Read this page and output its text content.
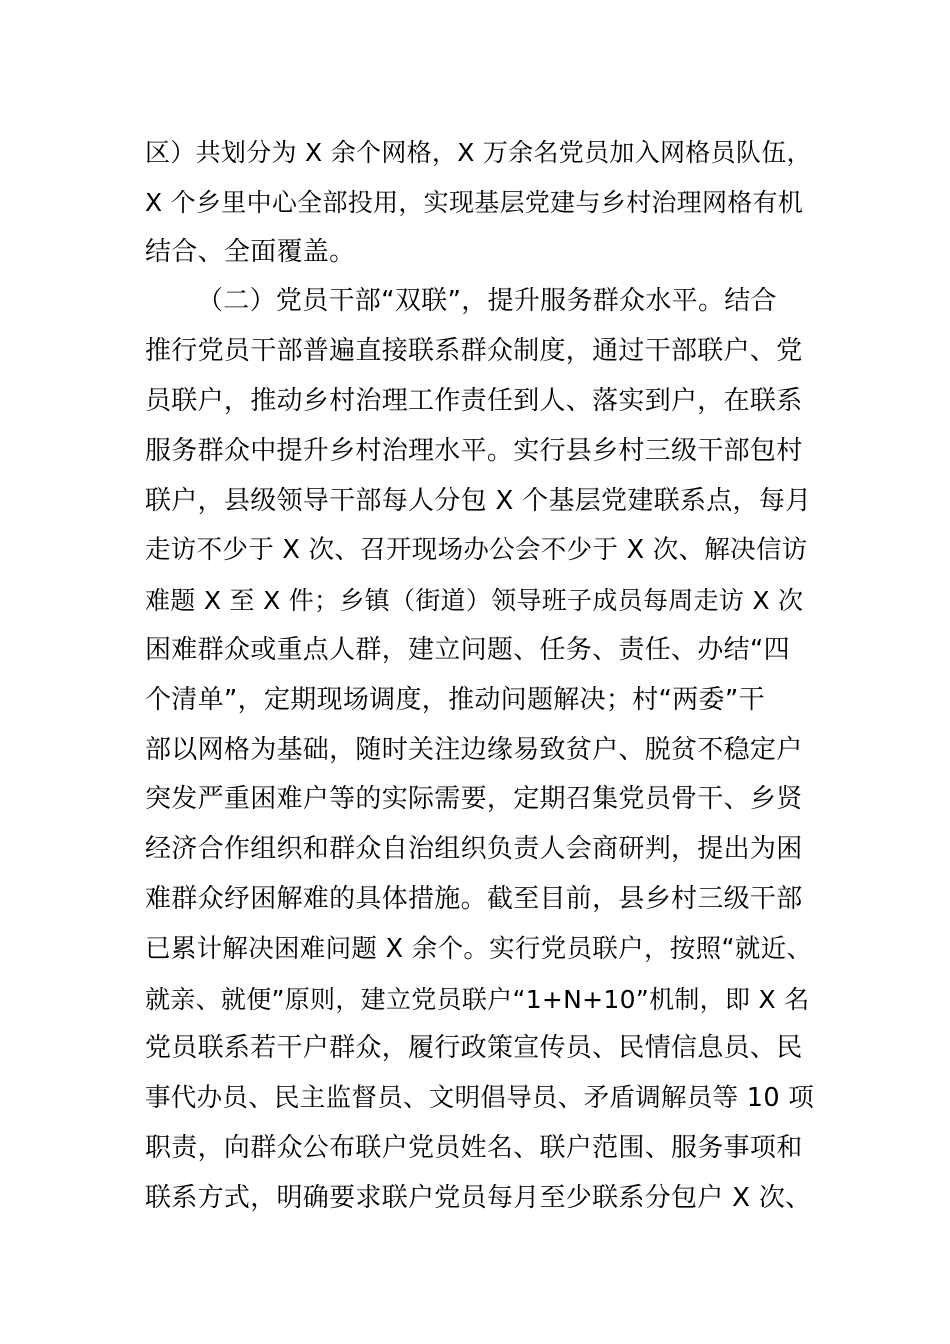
区）共划分为 X 余个网格，X 万余名党员加入网格员队伍，
X 个乡里中心全部投用，实现基层党建与乡村治理网格有机
结合、全面覆盖。
（二）党员干部“双联”，提升服务群众水平。结合
推行党员干部普遍直接联系群众制度，通过干部联户、党
员联户，推动乡村治理工作责任到人、落实到户，在联系
服务群众中提升乡村治理水平。实行县乡村三级干部包村
联户，县级领导干部每人分包 X 个基层党建联系点，每月
走访不少于 X 次、召开现场办公会不少于 X 次、解决信访
难题 X 至 X 件；乡镇（街道）领导班子成员每周走访 X 次
困难群众或重点人群，建立问题、任务、责任、办结“四
个清单”，定期现场调度，推动问题解决；村“两委”干
部以网格为基础，随时关注边缘易致贫户、脱贫不稳定户
突发严重困难户等的实际需要，定期召集党员骨干、乡贤
经济合作组织和群众自治组织负责人会商研判，提出为困
难群众纾困解难的具体措施。截至目前，县乡村三级干部
已累计解决困难问题 X 余个。实行党员联户，按照“就近、
就亲、就便”原则，建立党员联户“1+N+10”机制，即 X 名
党员联系若干户群众，履行政策宣传员、民情信息员、民
事代办员、民主监督员、文明倡导员、矛盾调解员等 10 项
职责，向群众公布联户党员姓名、联户范围、服务事项和
联系方式，明确要求联户党员每月至少联系分包户 X 次、
